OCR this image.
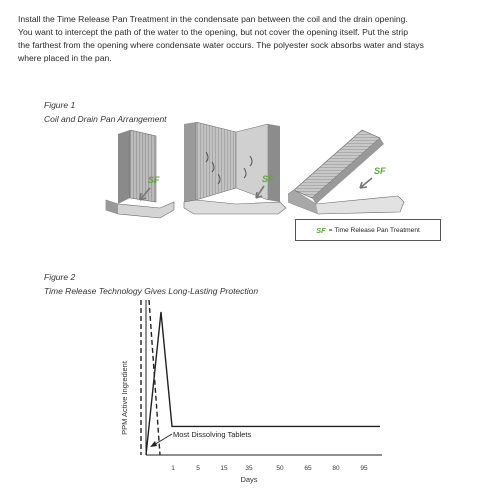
Install the Time Release Pan Treatment in the condensate pan between the coil and the drain opening.
You want to intercept the path of the water to the opening, but not cover the opening itself. Put the strip
the farthest from the opening where condensate water occurs. The polyester sock absorbs water and stays
where placed in the pan.
Figure 1
Coil and Drain Pan Arrangement
SF	SF
SF
SF = Time Release Pan Treatment
Figure 2
Time Release Technology Gives Long-Lasting Protection
1	5	15	35	50	65	80	95
Most Dissolving Tablets
Days
PPM Active Ingredient
